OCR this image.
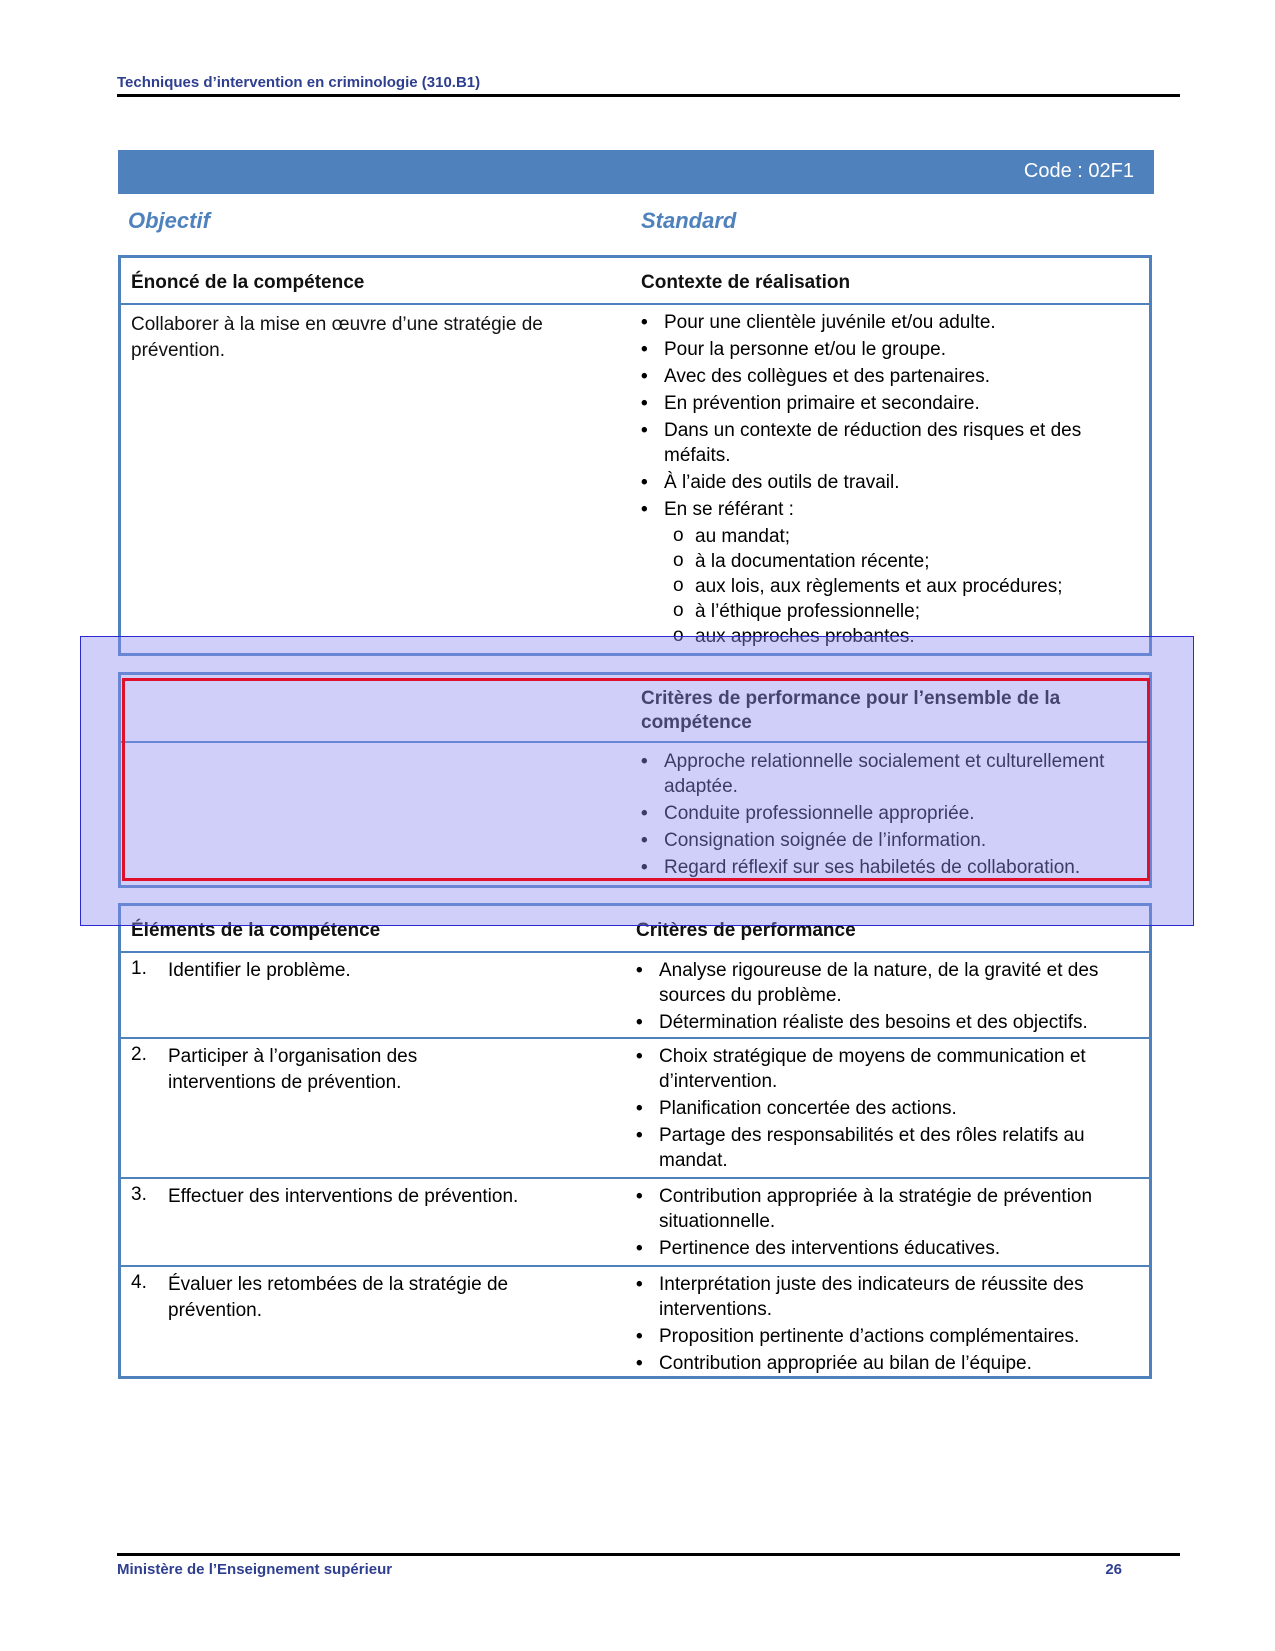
Techniques d’intervention en criminologie (310.B1)
Code : 02F1
Objectif	Standard
Énoncé de la compétence	Contexte de réalisation
Collaborer à la mise en œuvre d’une stratégie de prévention.
• Pour une clientèle juvénile et/ou adulte.
• Pour la personne et/ou le groupe.
• Avec des collègues et des partenaires.
• En prévention primaire et secondaire.
• Dans un contexte de réduction des risques et des méfaits.
• À l’aide des outils de travail.
• En se référant :
o au mandat;
o à la documentation récente;
o aux lois, aux règlements et aux procédures;
o à l’éthique professionnelle;
o aux approches probantes.
Critères de performance pour l’ensemble de la compétence
• Approche relationnelle socialement et culturellement adaptée.
• Conduite professionnelle appropriée.
• Consignation soignée de l’information.
• Regard réflexif sur ses habiletés de collaboration.
Éléments de la compétence	Critères de performance
1. Identifier le problème.	• Analyse rigoureuse de la nature, de la gravité et des sources du problème.
• Détermination réaliste des besoins et des objectifs.
2. Participer à l’organisation des interventions de prévention.
• Choix stratégique de moyens de communication et d’intervention.
• Planification concertée des actions.
• Partage des responsabilités et des rôles relatifs au mandat.
3. Effectuer des interventions de prévention.	• Contribution appropriée à la stratégie de prévention situationnelle.
• Pertinence des interventions éducatives.
4. Évaluer les retombées de la stratégie de prévention.
• Interprétation juste des indicateurs de réussite des interventions.
• Proposition pertinente d’actions complémentaires.
• Contribution appropriée au bilan de l’équipe.
Ministère de l’Enseignement supérieur	26
